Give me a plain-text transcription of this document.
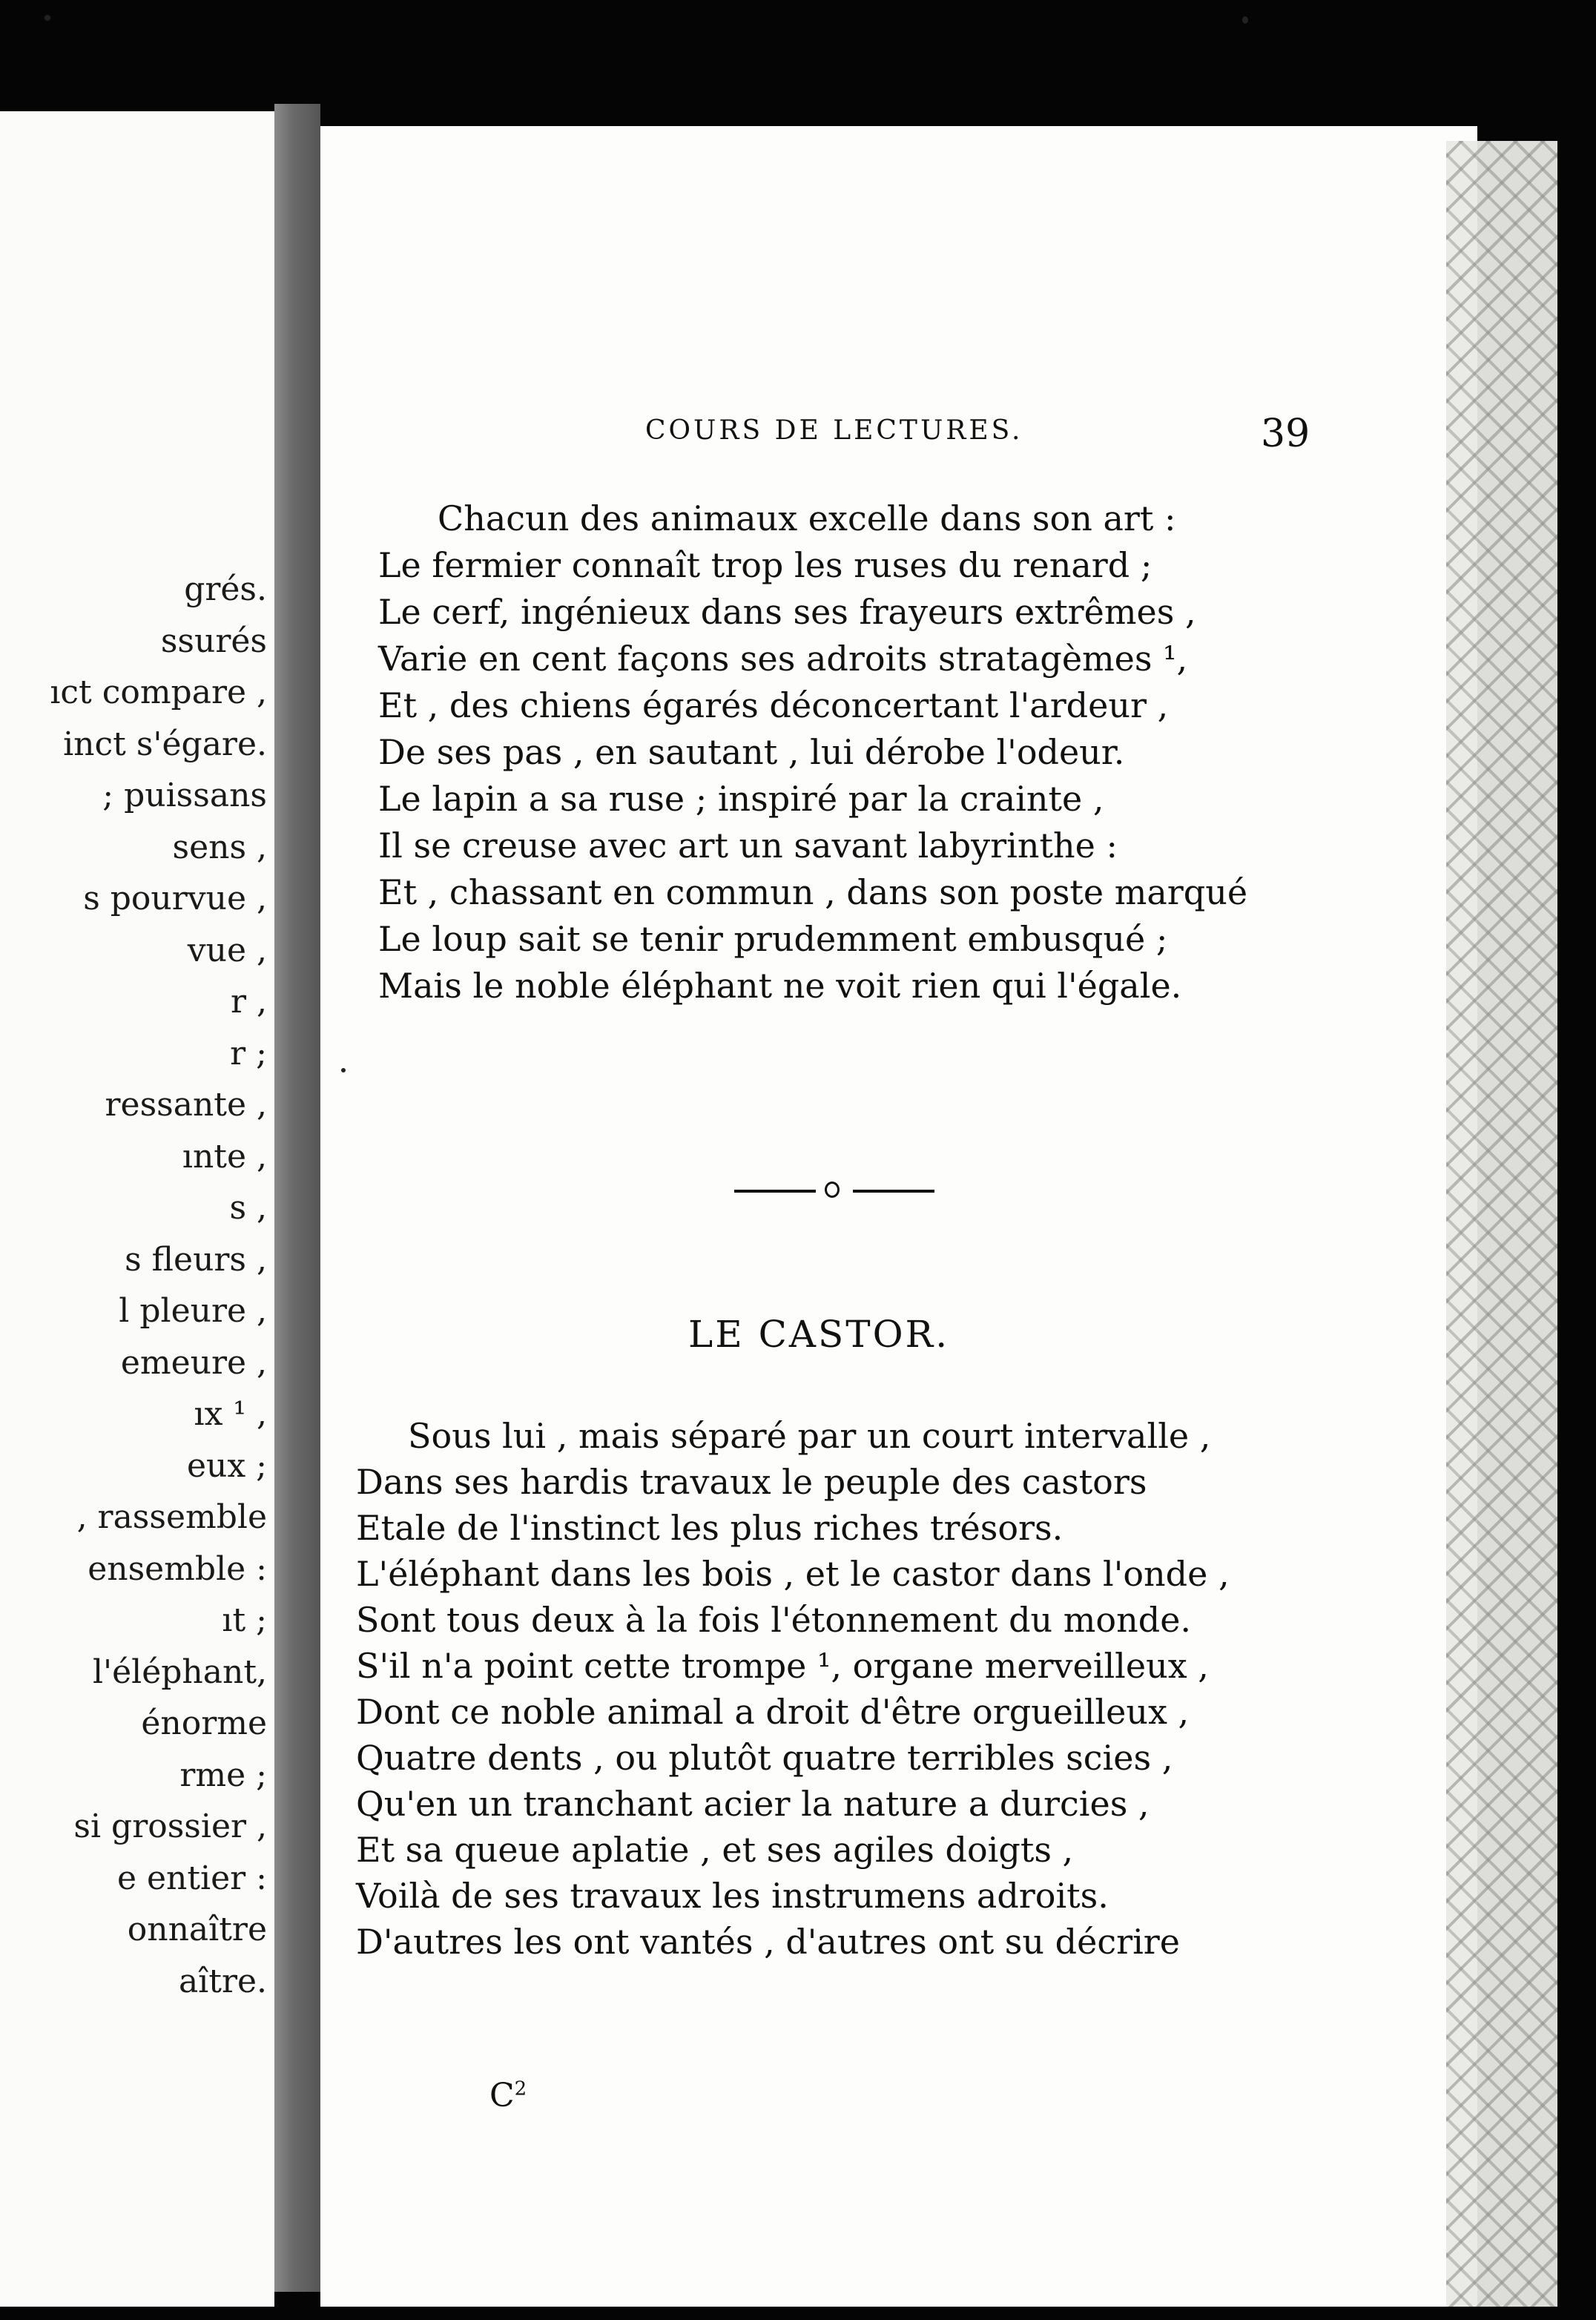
grés.
ssurés
ıct compare ,
inct s'égare.
; puissans
sens ,
s pourvue ,
vue ,
r ,
r ;
ressante ,
ınte ,
s ,
s fleurs ,
l pleure ,
emeure ,
ıx ¹ ,
eux ;
, rassemble
ensemble :
ıt ;
l'éléphant,
énorme
rme ;
si grossier ,
e entier :
onnaître
aître.
COURS DE LECTURES.	39
Chacun des animaux excelle dans son art :
Le fermier connaît trop les ruses du renard ;
Le cerf, ingénieux dans ses frayeurs extrêmes ,
Varie en cent façons ses adroits stratagèmes ¹,
Et , des chiens égarés déconcertant l'ardeur ,
De ses pas , en sautant , lui dérobe l'odeur.
Le lapin a sa ruse ; inspiré par la crainte ,
Il se creuse avec art un savant labyrinthe :
Et , chassant en commun , dans son poste marqué
Le loup sait se tenir prudemment embusqué ;
Mais le noble éléphant ne voit rien qui l'égale.
LE CASTOR.
Sous lui , mais séparé par un court intervalle ,
Dans ses hardis travaux le peuple des castors
Etale de l'instinct les plus riches trésors.
L'éléphant dans les bois , et le castor dans l'onde ,
Sont tous deux à la fois l'étonnement du monde.
S'il n'a point cette trompe ¹, organe merveilleux ,
Dont ce noble animal a droit d'être orgueilleux ,
Quatre dents , ou plutôt quatre terribles scies ,
Qu'en un tranchant acier la nature a durcies ,
Et sa queue aplatie , et ses agiles doigts ,
Voilà de ses travaux les instrumens adroits.
D'autres les ont vantés , d'autres ont su décrire
$C^2$
